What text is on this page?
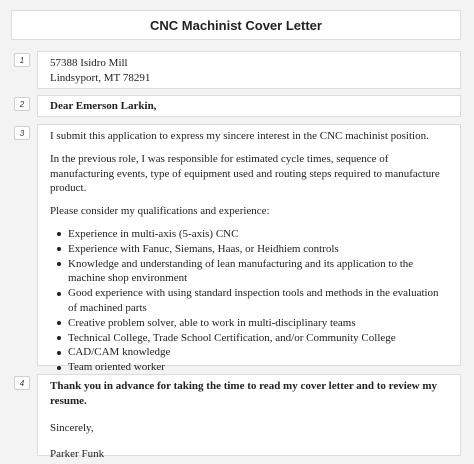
CNC Machinist Cover Letter
1	57388 Isidro Mill

Lindsyport, MT 78291

2	Dear Emerson Larkin,

3	I submit this application to express my sincere interest in the CNC machinist position.

In the previous role, I was responsible for estimated cycle times, sequence of manufacturing events, type of equipment used and routing steps required to manufacture product.

Please consider my qualifications and experience:

Experience in multi-axis (5-axis) CNC
Experience with Fanuc, Siemans, Haas, or Heidhiem controls
Knowledge and understanding of lean manufacturing and its application to the machine shop environment
Good experience with using standard inspection tools and methods in the evaluation of machined parts
Creative problem solver, able to work in multi-disciplinary teams
Technical College, Trade School Certification, and/or Community College
CAD/CAM knowledge
Team oriented worker
4	Thank you in advance for taking the time to read my cover letter and to review my resume.

Sincerely,

Parker Funk
